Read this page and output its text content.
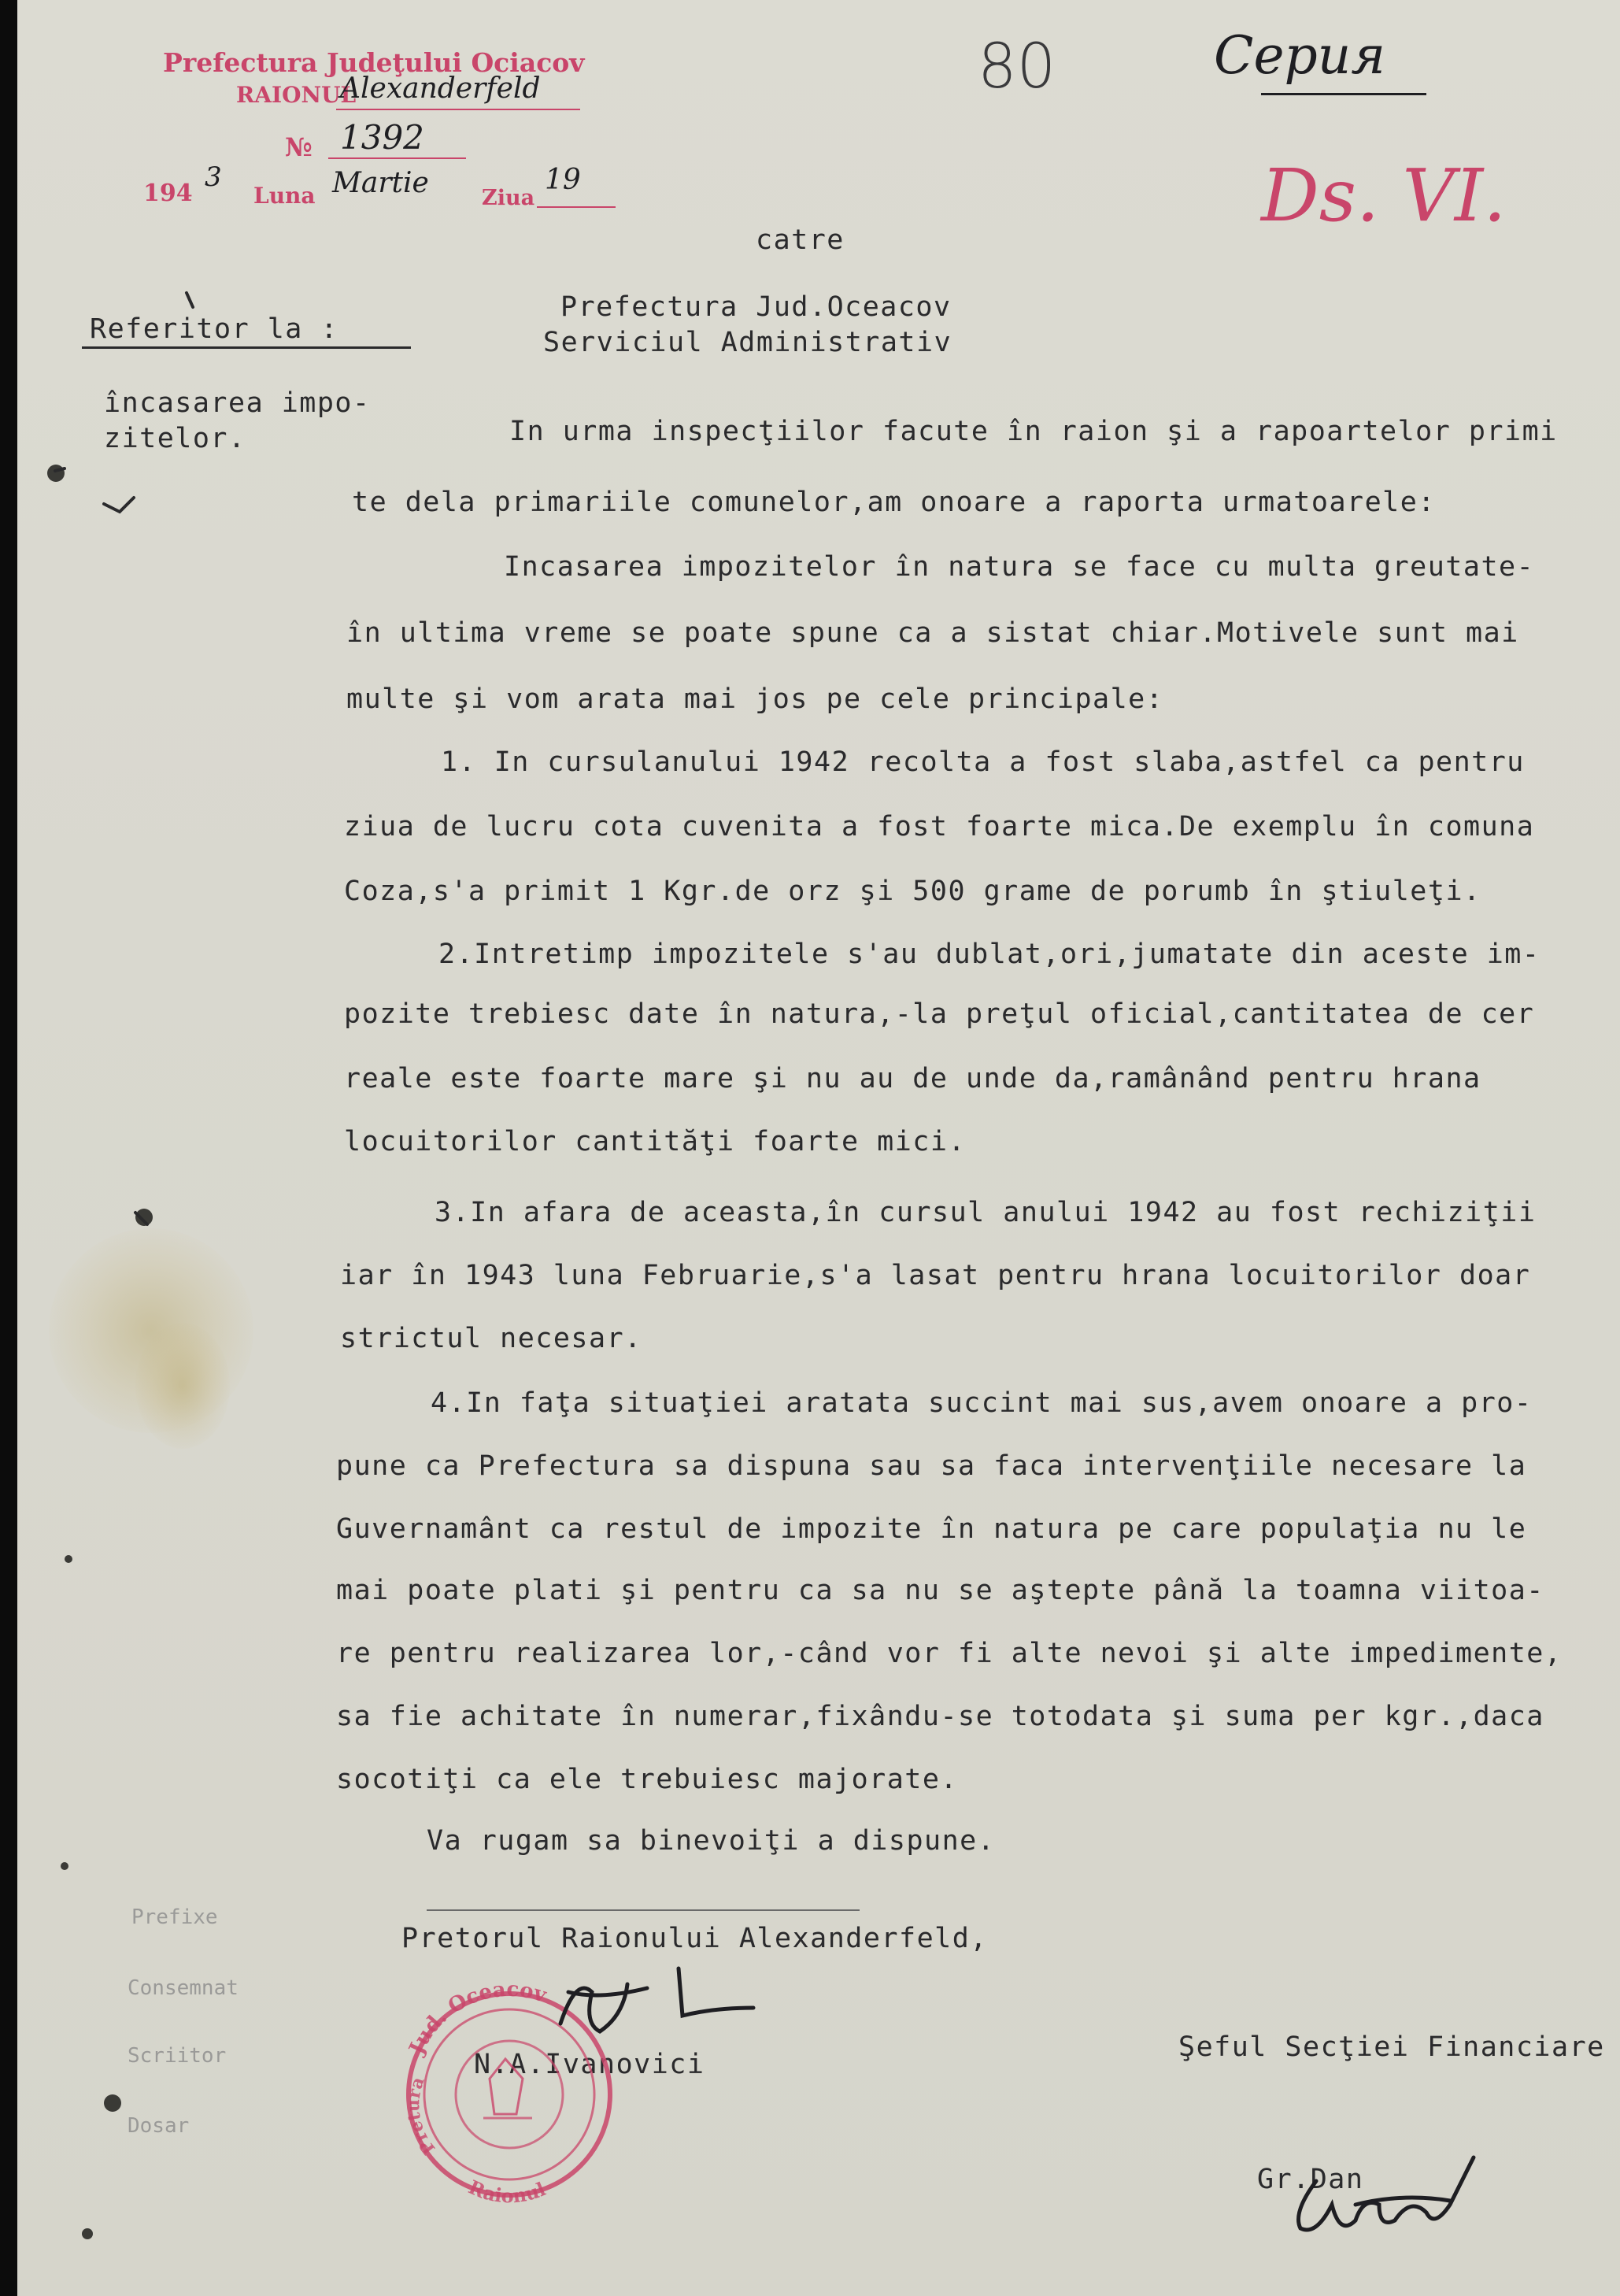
Prefectura Judeţului Ociacov
RAIONUL
Alexanderfeld
№ 1392
194
3
Luna Martie Ziua
19
80	Серия
Ds. VI.
catre
Prefectura Jud.Oceacov
Serviciul Administrativ
Referitor la :
încasarea impo-
zitelor.	In urma inspecţiilor facute în raion şi a rapoartelor primi
te dela primariile comunelor,am onoare a raporta urmatoarele:
Incasarea impozitelor în natura se face cu multa greutate-
în ultima vreme se poate spune ca a sistat chiar.Motivele sunt mai
multe şi vom arata mai jos pe cele principale:
1. In cursulanului 1942 recolta a fost slaba,astfel ca pentru
ziua de lucru cota cuvenita a fost foarte mica.De exemplu în comuna
Coza,s'a primit 1 Kgr.de orz şi 500 grame de porumb în ştiuleţi.
2.Intretimp impozitele s'au dublat,ori,jumatate din aceste im-
pozite trebiesc date în natura,-la preţul oficial,cantitatea de cer
reale este foarte mare şi nu au de unde da,ramânând pentru hrana
locuitorilor cantităţi foarte mici.
3.In afara de aceasta,în cursul anului 1942 au fost rechiziţii
iar în 1943 luna Februarie,s'a lasat pentru hrana locuitorilor doar
strictul necesar.
4.In faţa situaţiei aratata succint mai sus,avem onoare a pro-
pune ca Prefectura sa dispuna sau sa faca intervenţiile necesare la
Guvernamânt ca restul de impozite în natura pe care populaţia nu le
mai poate plati şi pentru ca sa nu se aştepte până la toamna viitoa-
re pentru realizarea lor,-când vor fi alte nevoi şi alte impedimente,
sa fie achitate în numerar,fixându-se totodata şi suma per kgr.,daca
socotiţi ca ele trebuiesc majorate.
Va rugam sa binevoiţi a dispune.
Prefixe
Consemnat
Scriitor
Dosar
Pretorul Raionului Alexanderfeld,
N.A.Ivanovici
Şeful Secţiei Financiare
Gr.Dan
Jud. Oceacov
Raionul
Pretura
